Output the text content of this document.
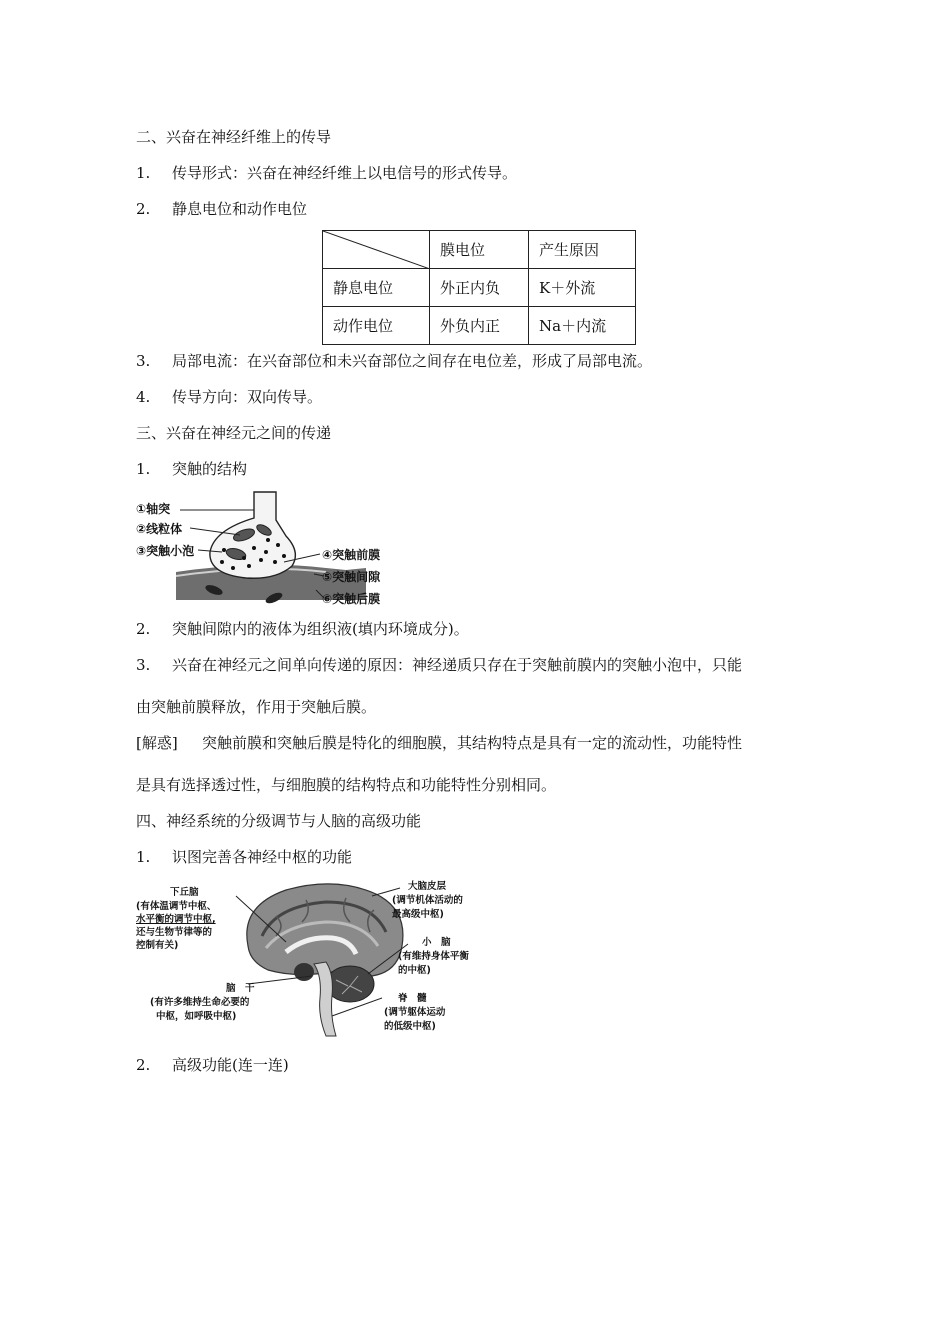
二、兴奋在神经纤维上的传导
1. 传导形式：兴奋在神经纤维上以电信号的形式传导。
2. 静息电位和动作电位
	膜电位	产生原因
静息电位	外正内负	K＋外流
动作电位	外负内正	Na＋内流
3. 局部电流：在兴奋部位和未兴奋部位之间存在电位差，形成了局部电流。
4. 传导方向：双向传导。
三、兴奋在神经元之间的传递
1. 突触的结构
①轴突
②线粒体
③突触小泡	④突触前膜
⑤突触间隙
⑥突触后膜
2. 突触间隙内的液体为组织液(填内环境成分)。
3. 兴奋在神经元之间单向传递的原因：神经递质只存在于突触前膜内的突触小泡中，只能
由突触前膜释放，作用于突触后膜。
[解惑] 突触前膜和突触后膜是特化的细胞膜，其结构特点是具有一定的流动性，功能特性
是具有选择透过性，与细胞膜的结构特点和功能特性分别相同。
四、神经系统的分级调节与人脑的高级功能
1. 识图完善各神经中枢的功能
下丘脑
(有体温调节中枢、
水平衡的调节中枢,
还与生物节律等的
控制有关)
脑　干
(有许多维持生命必要的
中枢，如呼吸中枢)
大脑皮层
(调节机体活动的
最高级中枢)
小　脑
(有维持身体平衡
的中枢)
脊　髓
(调节躯体运动
的低级中枢)
2. 高级功能(连一连)
